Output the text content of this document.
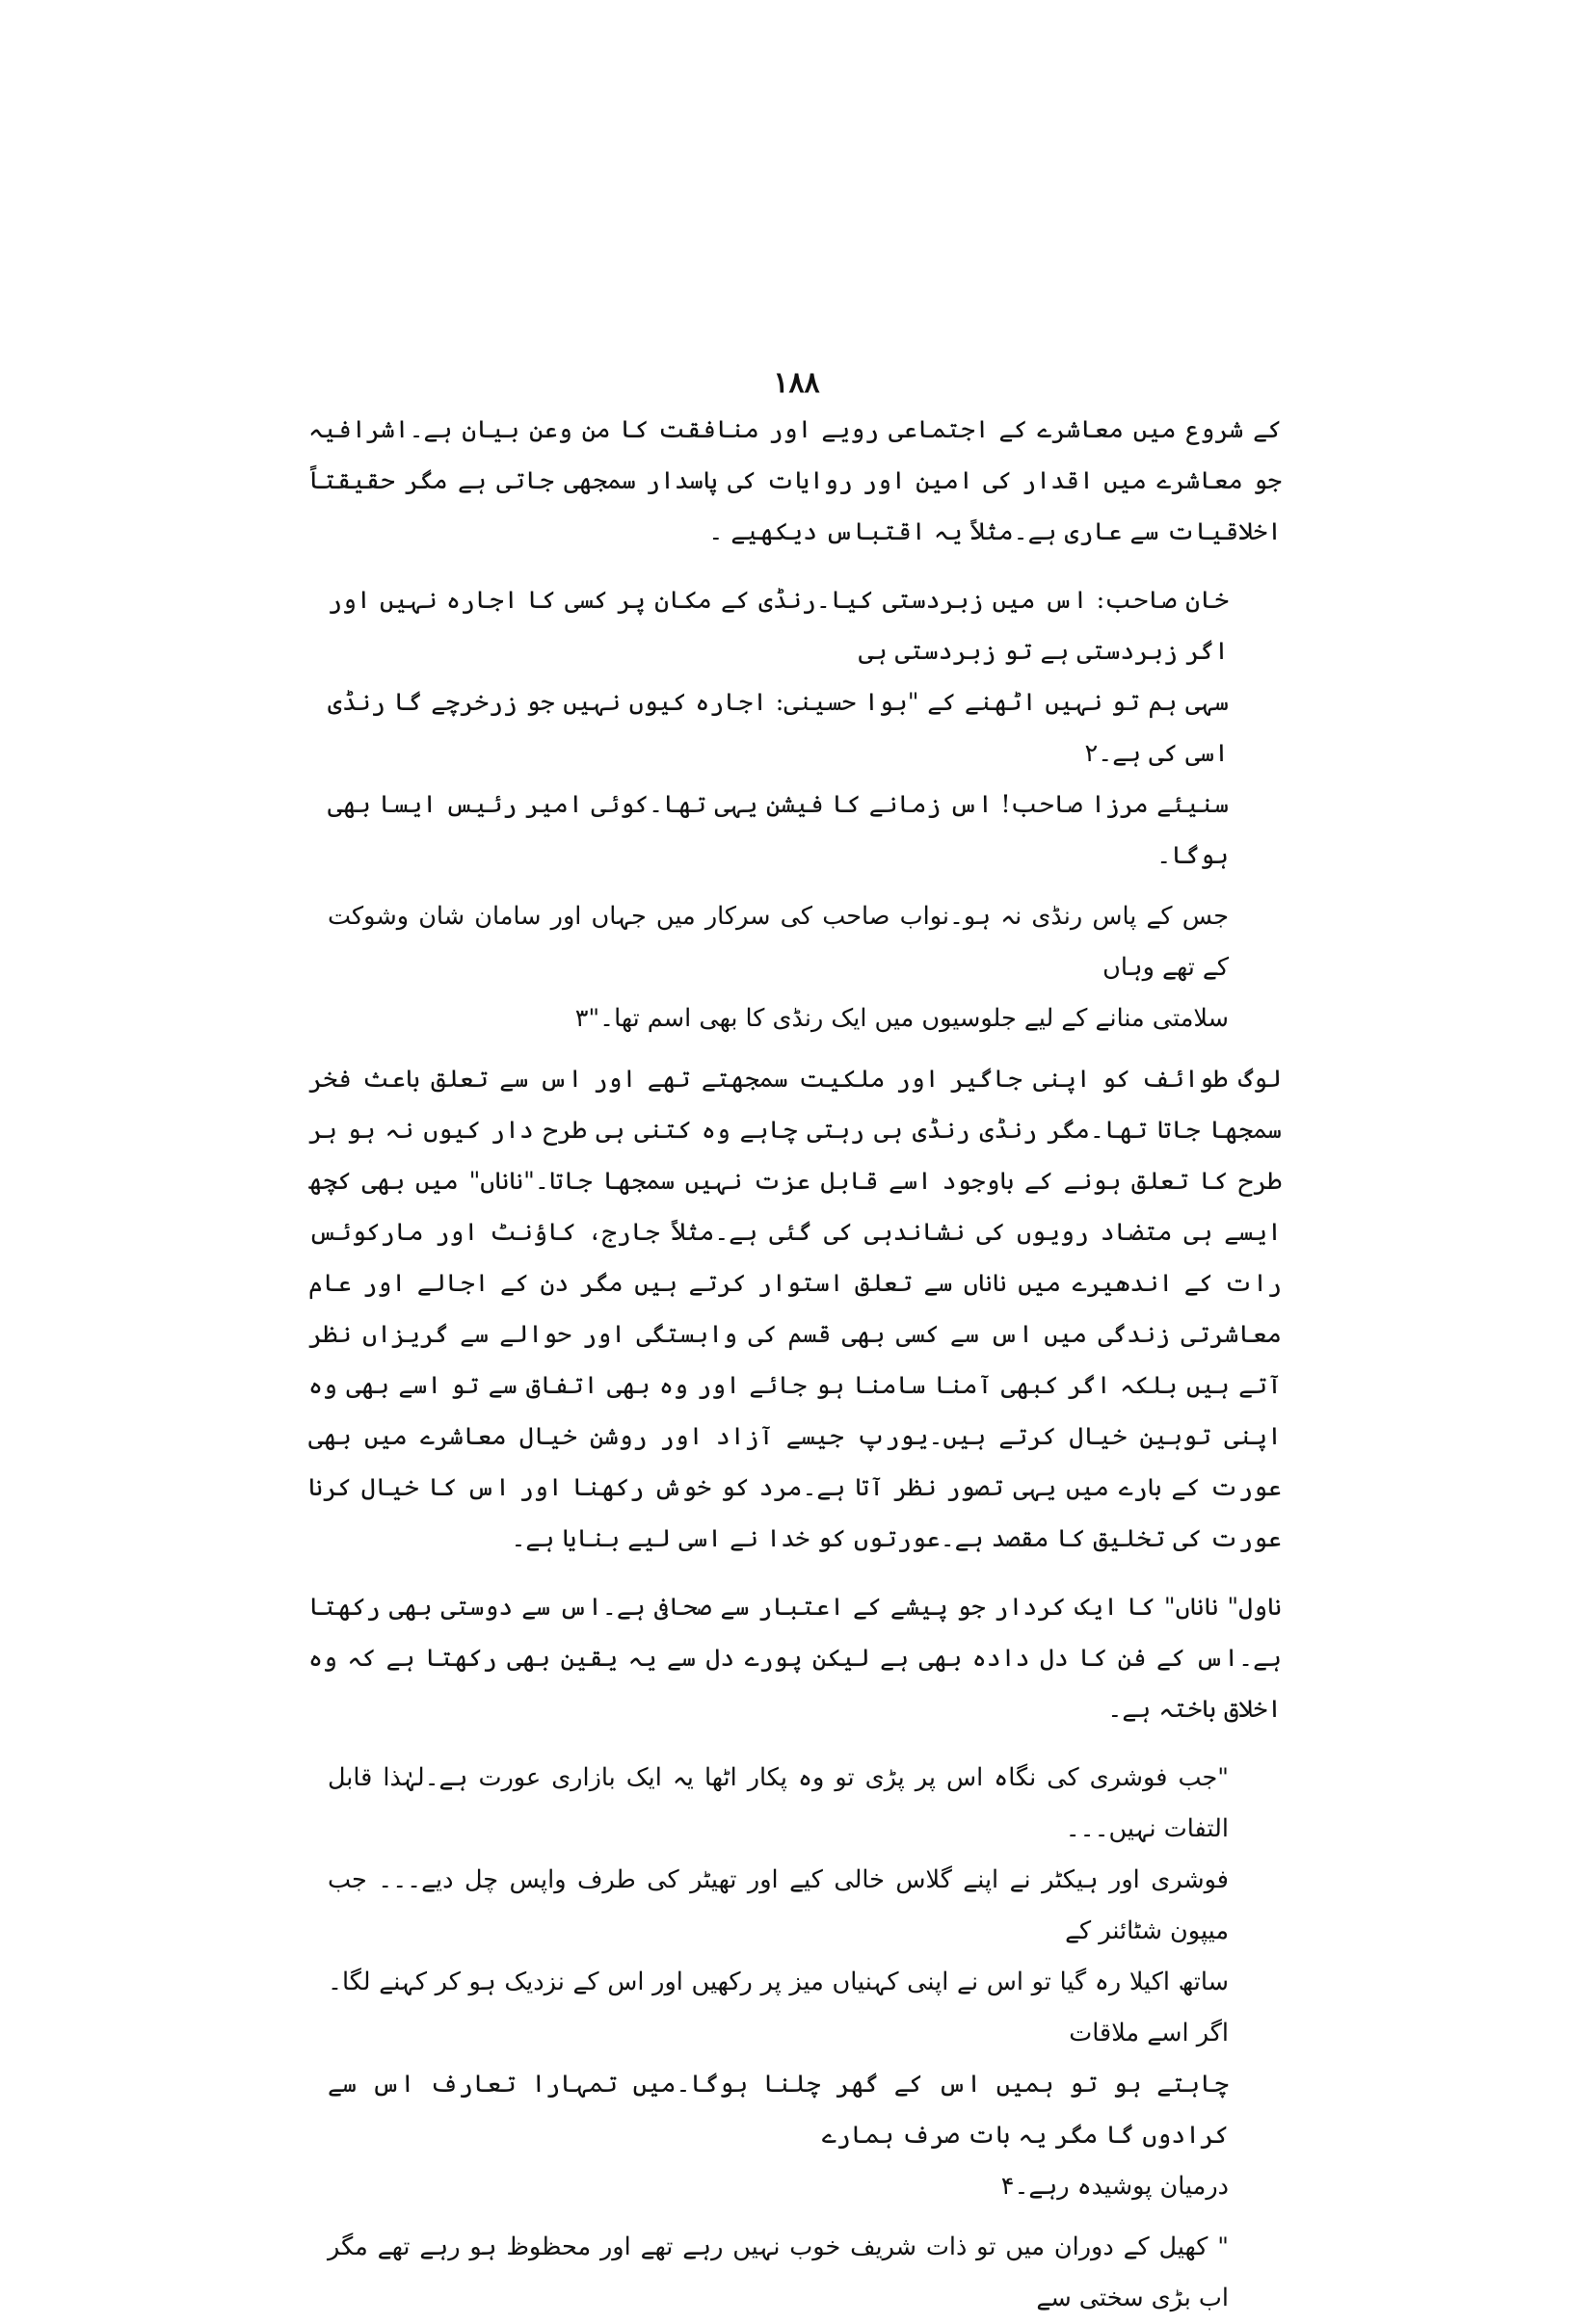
۱۸۸

کے شروع میں معاشرے کے اجتماعی رویے اور منافقت کا من وعن بیان ہے۔اشرافیہ جو معاشرے میں اقدار کی امین اور روایات کی پاسدار سمجھی جاتی ہے مگر حقیقتاً اخلاقیات سے عاری ہے۔مثلاً یہ اقتباس دیکھیے ۔

خان صاحب: اس میں زبردستی کیا۔رنڈی کے مکان پر کسی کا اجارہ نہیں اور اگر زبردستی ہے تو زبردستی ہی
سہی ہم تو نہیں اٹھنے کے "بوا حسینی: اجارہ کیوں نہیں جو زرخرچے گا رنڈی اسی کی ہے۔۲
سنیئے مرزا صاحب! اس زمانے کا فیشن یہی تھا۔کوئی امیر رئیس ایسا بھی ہوگا۔
جس کے پاس رنڈی نہ ہو۔نواب صاحب کی سرکار میں جہاں اور سامان شان وشوکت کے تھے وہاں
سلامتی منانے کے لیے جلوسیوں میں ایک رنڈی کا بھی اسم تھا۔"۳

لوگ طوائف کو اپنی جاگیر اور ملکیت سمجھتے تھے اور اس سے تعلق باعث فخر سمجھا جاتا تھا۔مگر رنڈی رنڈی ہی رہتی چاہے وہ کتنی ہی طرح دار کیوں نہ ہو ہر طرح کا تعلق ہونے کے باوجود اسے قابل عزت نہیں سمجھا جاتا۔"ناناں" میں بھی کچھ ایسے ہی متضاد رویوں کی نشاندہی کی گئی ہے۔مثلاً جارج، کاؤنٹ اور مارکوئس رات کے اندھیرے میں ناناں سے تعلق استوار کرتے ہیں مگر دن کے اجالے اور عام معاشرتی زندگی میں اس سے کسی بھی قسم کی وابستگی اور حوالے سے گریزاں نظر آتے ہیں بلکہ اگر کبھی آمنا سامنا ہو جائے اور وہ بھی اتفاق سے تو اسے بھی وہ اپنی توہین خیال کرتے ہیں۔یورپ جیسے آزاد اور روشن خیال معاشرے میں بھی عورت کے بارے میں یہی تصور نظر آتا ہے۔مرد کو خوش رکھنا اور اس کا خیال کرنا عورت کی تخلیق کا مقصد ہے۔عورتوں کو خدا نے اسی لیے بنایا ہے۔

ناول" ناناں" کا ایک کردار جو پیشے کے اعتبار سے صحافی ہے۔اس سے دوستی بھی رکھتا ہے۔اس کے فن کا دل دادہ بھی ہے لیکن پورے دل سے یہ یقین بھی رکھتا ہے کہ وہ اخلاق باختہ ہے۔

"جب فوشری کی نگاہ اس پر پڑی تو وہ پکار اٹھا یہ ایک بازاری عورت ہے۔لہٰذا قابل التفات نہیں۔۔۔
فوشری اور ہیکٹر نے اپنے گلاس خالی کیے اور تھیٹر کی طرف واپس چل دیے۔۔۔ جب میپون شٹائنر کے
ساتھ اکیلا رہ گیا تو اس نے اپنی کہنیاں میز پر رکھیں اور اس کے نزدیک ہو کر کہنے لگا۔اگر اسے ملاقات
چاہتے ہو تو ہمیں اس کے گھر چلنا ہوگا۔میں تمہارا تعارف اس سے کرادوں گا مگر یہ بات صرف ہمارے
درمیان پوشیدہ رہے۔۴
" کھیل کے دوران میں تو ذات شریف خوب نہیں رہے تھے اور محظوظ ہو رہے تھے مگر اب بڑی سختی سے
